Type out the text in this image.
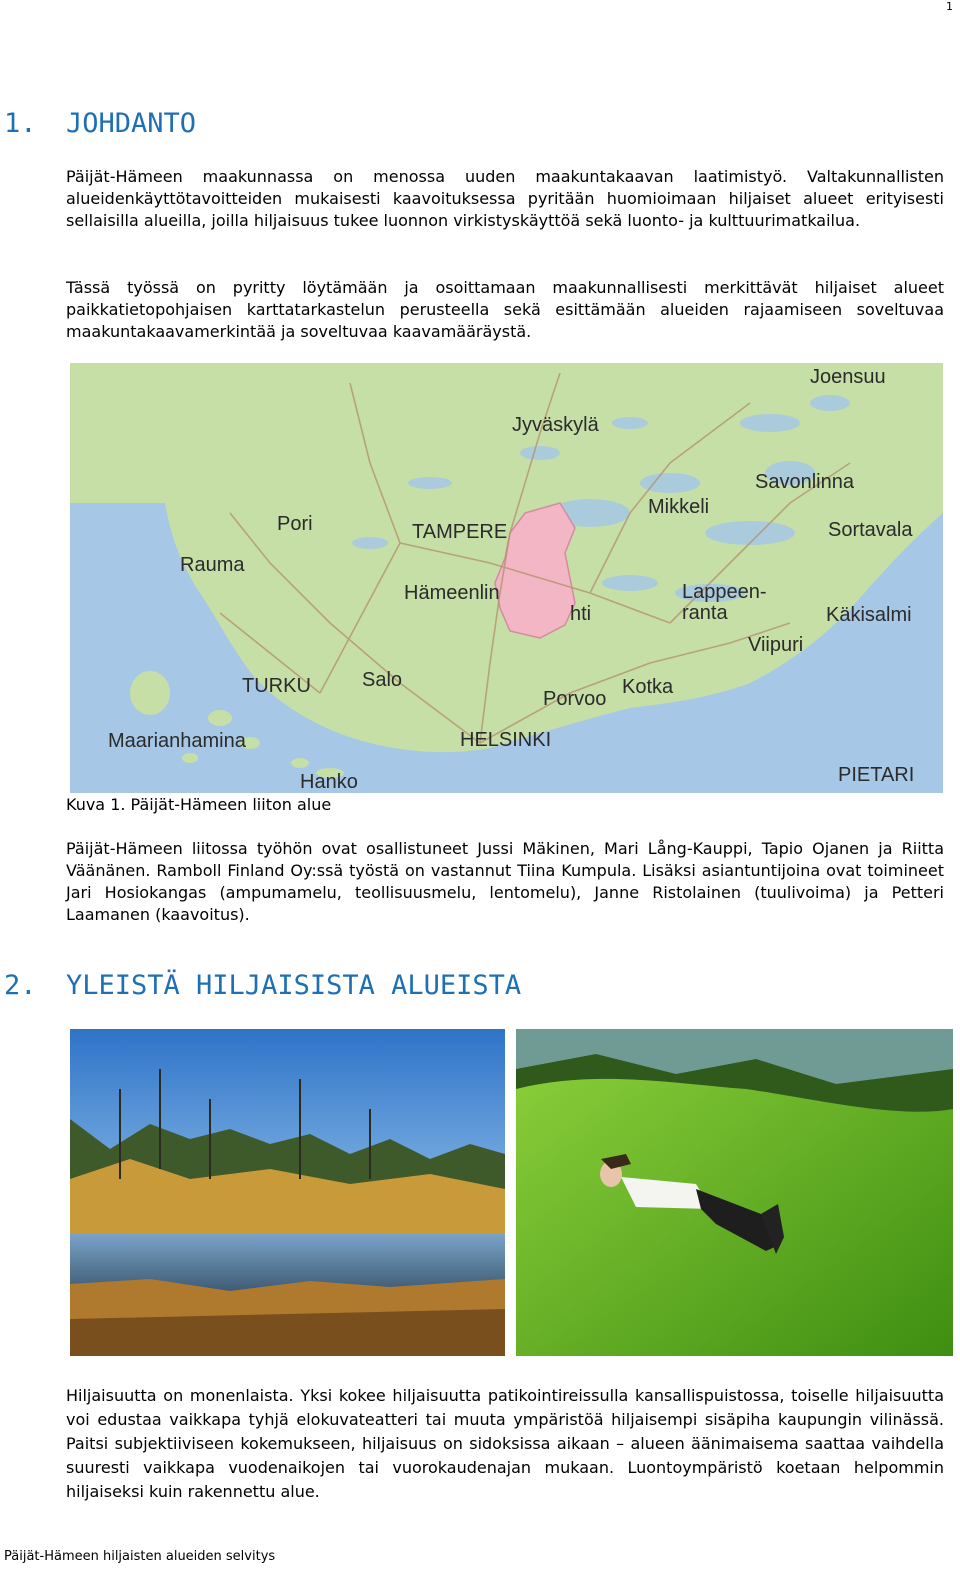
1
1. JOHDANTO

Päijät-Hämeen maakunnassa on menossa uuden maakuntakaavan laatimistyö. Valtakunnallisten alueidenkäyttötavoitteiden mukaisesti kaavoituksessa pyritään huomioimaan hiljaiset alueet erityisesti sellaisilla alueilla, joilla hiljaisuus tukee luonnon virkistyskäyttöä sekä luonto- ja kulttuurimatkailua.

Tässä työssä on pyritty löytämään ja osoittamaan maakunnallisesti merkittävät hiljaiset alueet paikkatietopohjaisen karttatarkastelun perusteella sekä esittämään alueiden rajaamiseen soveltuvaa maakuntakaavamerkintää ja soveltuvaa kaavamääräystä.

Joensuu
Jyväskylä
Savonlinna
Mikkeli
Pori	TAMPERE	Sortavala
Rauma
Hämeenlin
hti
Lappeen-
ranta	Käkisalmi
Viipuri
TURKU	Salo	Kotka
Porvoo
Maarianhamina	HELSINKI
Hanko	PIETARI
Kuva 1. Päijät-Hämeen liiton alue

Päijät-Hämeen liitossa työhön ovat osallistuneet Jussi Mäkinen, Mari Lång-Kauppi, Tapio Ojanen ja Riitta Väänänen. Ramboll Finland Oy:ssä työstä on vastannut Tiina Kumpula. Lisäksi asiantuntijoina ovat toimineet Jari Hosiokangas (ampumamelu, teollisuusmelu, lentomelu), Janne Ristolainen (tuulivoima) ja Petteri Laamanen (kaavoitus).

2. YLEISTÄ HILJAISISTA ALUEISTA

Hiljaisuutta on monenlaista. Yksi kokee hiljaisuutta patikointireissulla kansallispuistossa, toiselle hiljaisuutta voi edustaa vaikkapa tyhjä elokuvateatteri tai muuta ympäristöä hiljaisempi sisäpiha kaupungin vilinässä. Paitsi subjektiiviseen kokemukseen, hiljaisuus on sidoksissa aikaan – alueen äänimaisema saattaa vaihdella suuresti vaikkapa vuodenaikojen tai vuorokaudenajan mukaan. Luontoympäristö koetaan helpommin hiljaiseksi kuin rakennettu alue.

Päijät-Hämeen hiljaisten alueiden selvitys
